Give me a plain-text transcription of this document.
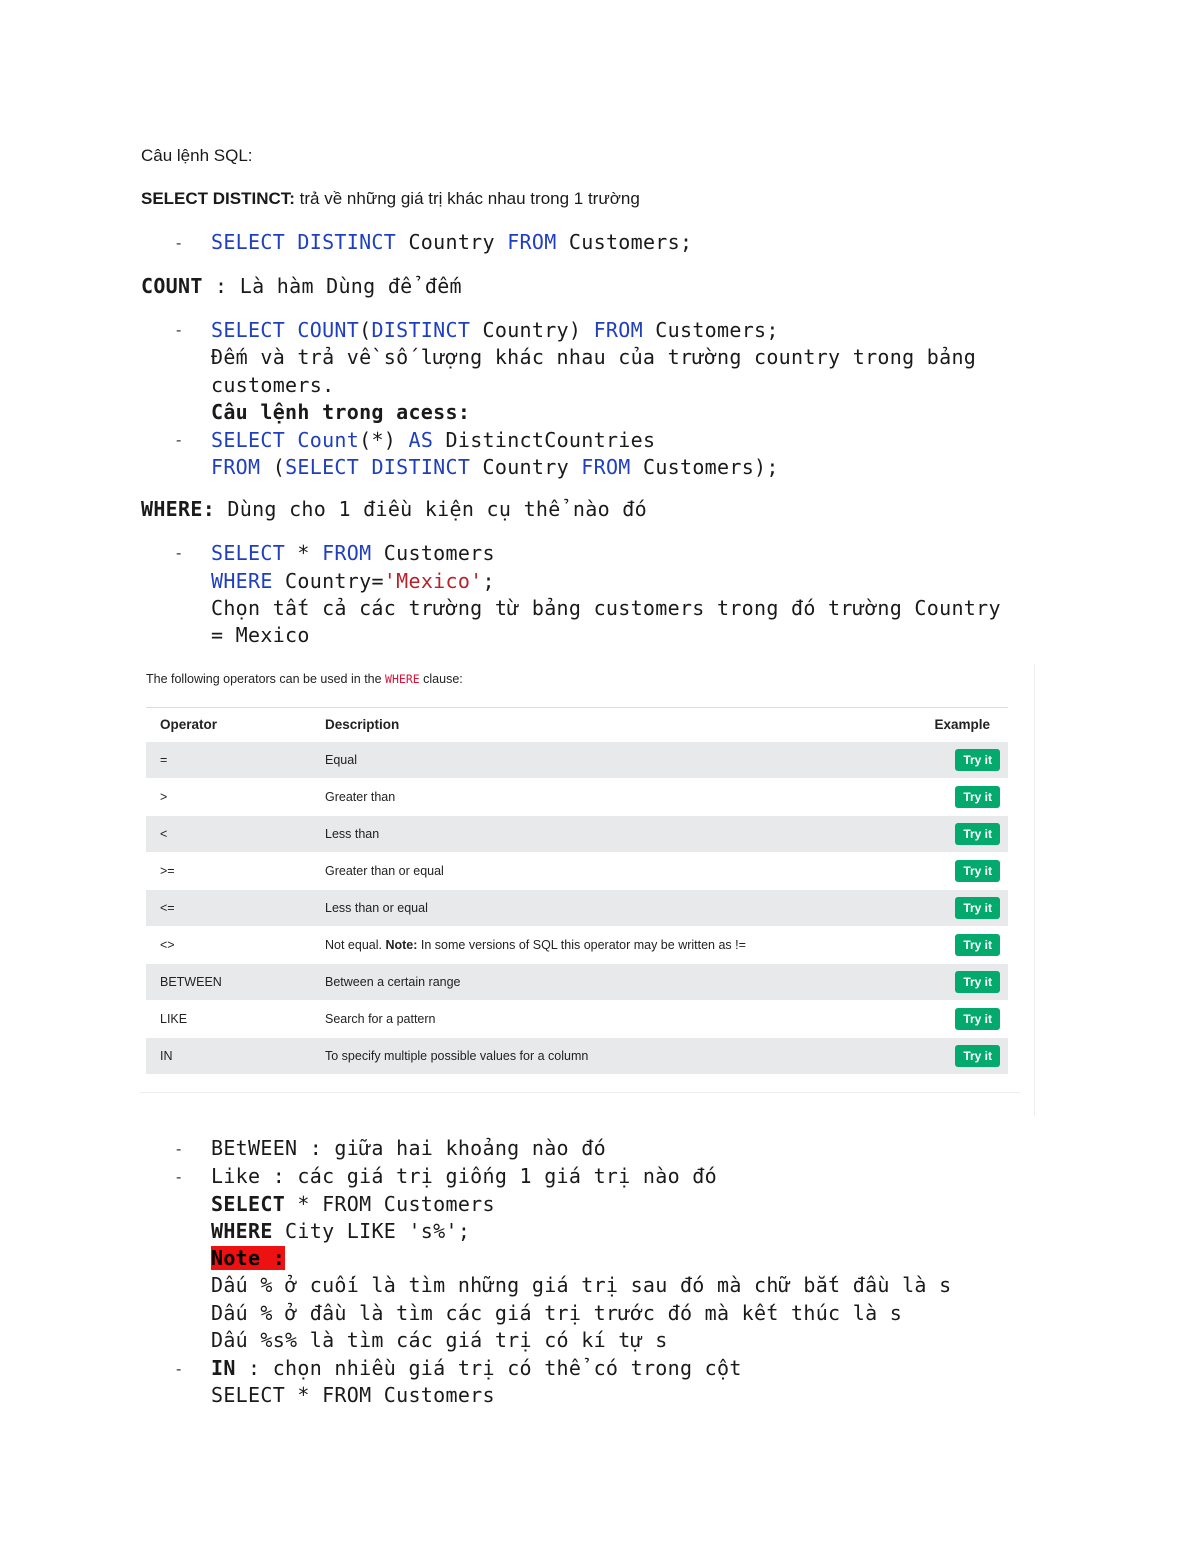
Câu lệnh SQL:
SELECT DISTINCT: trả về những giá trị khác nhau trong 1 trường
- SELECT DISTINCT Country FROM Customers;
COUNT : Là hàm Dùng để đếm
- SELECT COUNT(DISTINCT Country) FROM Customers;
Đếm và trả về số lượng khác nhau của trường country trong bảng
customers.
Câu lệnh trong acess:
- SELECT Count(*) AS DistinctCountries
FROM (SELECT DISTINCT Country FROM Customers);
WHERE: Dùng cho 1 điều kiện cụ thể nào đó
- SELECT * FROM Customers
WHERE Country='Mexico';
Chọn tất cả các trường từ bảng customers trong đó trường Country
= Mexico
The following operators can be used in the WHERE clause:
Operator	Description	Example
=	Equal	Try it
>	Greater than	Try it
<	Less than	Try it
>=	Greater than or equal	Try it
<=	Less than or equal	Try it
<>	Not equal. Note: In some versions of SQL this operator may be written as !=	Try it
BETWEEN	Between a certain range	Try it
LIKE	Search for a pattern	Try it
IN	To specify multiple possible values for a column	Try it
- BEtWEEN : giữa hai khoảng nào đó
- Like : các giá trị giống 1 giá trị nào đó
SELECT * FROM Customers
WHERE City LIKE 's%';
Note :
Dấu % ở cuối là tìm những giá trị sau đó mà chữ bắt đầu là s
Dấu % ở đầu là tìm các giá trị trước đó mà kết thúc là s
Dấu %s% là tìm các giá trị có kí tự s
- IN : chọn nhiều giá trị có thể có trong cột
SELECT * FROM Customers
